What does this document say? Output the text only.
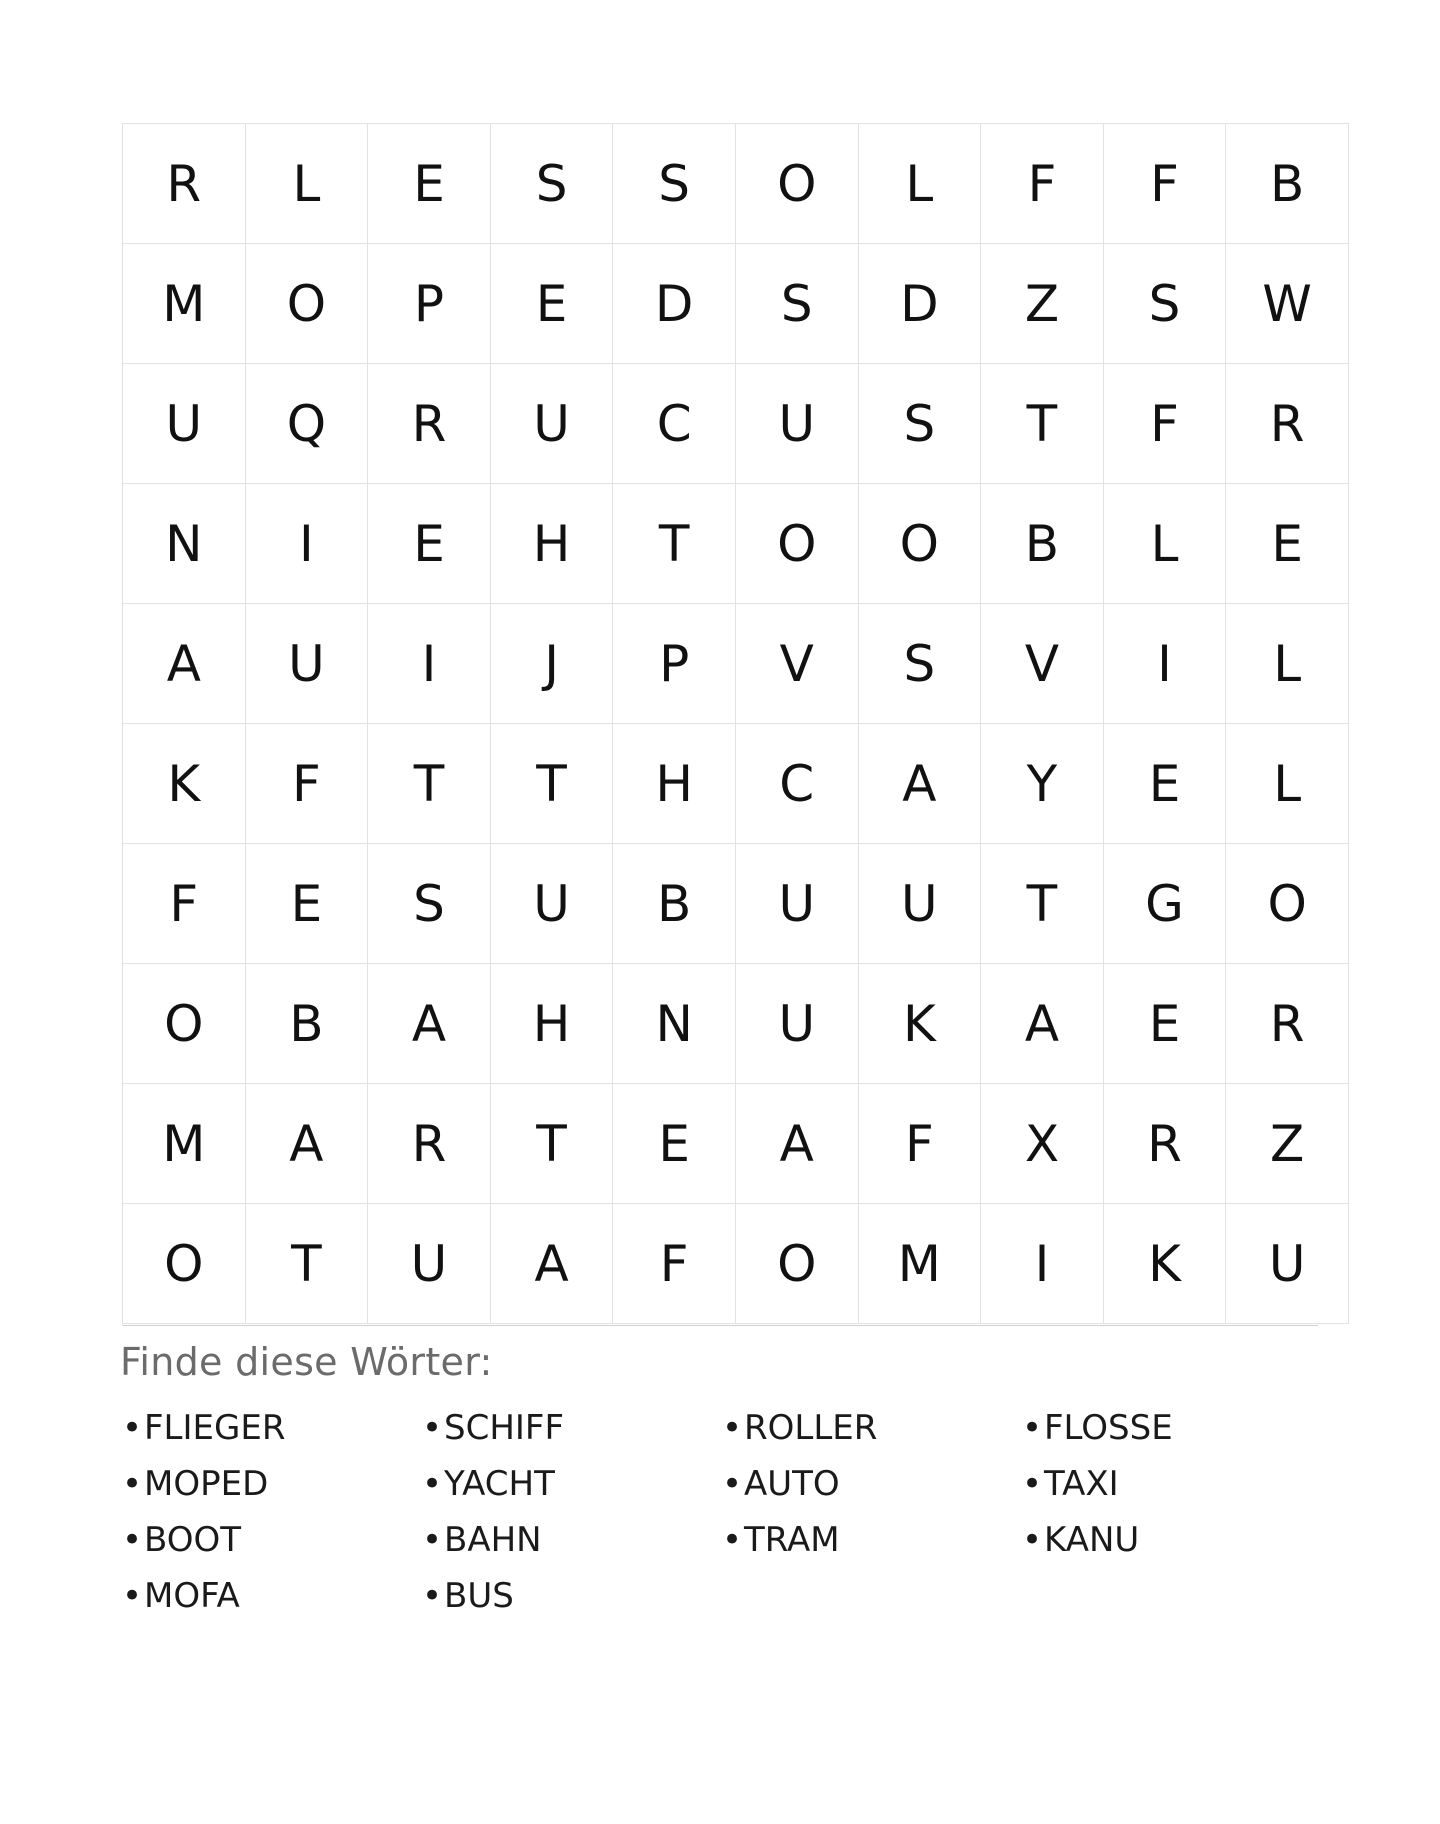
R	L	E	S	S	O	L	F	F	B
M	O	P	E	D	S	D	Z	S	W
U	Q	R	U	C	U	S	T	F	R
N	I	E	H	T	O	O	B	L	E
A	U	I	J	P	V	S	V	I	L
K	F	T	T	H	C	A	Y	E	L
F	E	S	U	B	U	U	T	G	O
O	B	A	H	N	U	K	A	E	R
M	A	R	T	E	A	F	X	R	Z
O	T	U	A	F	O	M	I	K	U
Finde diese Wörter:
•FLIEGER
•MOPED
•BOOT
•MOFA
•SCHIFF
•YACHT
•BAHN
•BUS
•ROLLER
•AUTO
•TRAM
•FLOSSE
•TAXI
•KANU
